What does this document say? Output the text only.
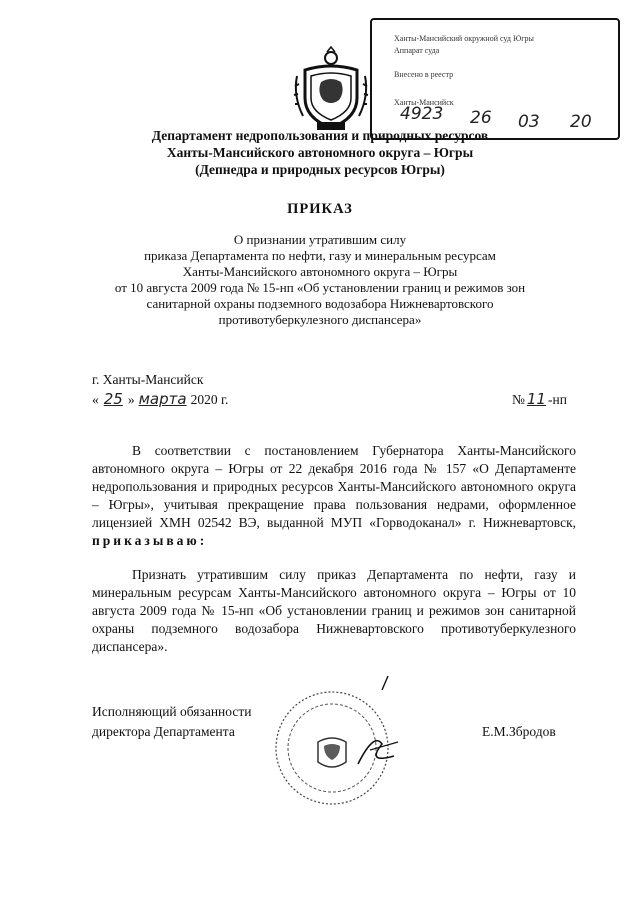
Ханты-Мансийский окружной суд Югры
Аппарат суда
Внесено в реестр
Ханты-Мансийск
4923 26 03 20
Департамент недропользования и природных ресурсов
Ханты-Мансийского автономного округа – Югры
(Депнедра и природных ресурсов Югры)
ПРИКАЗ
О признании утратившим силу
приказа Департамента по нефти, газу и минеральным ресурсам
Ханты-Мансийского автономного округа – Югры
от 10 августа 2009 года № 15-нп «Об установлении границ и режимов зон
санитарной охраны подземного водозабора Нижневартовского
противотуберкулезного диспансера»
г. Ханты-Мансийск
« 25 » марта 2020 г.	№ 11 -нп
В соответствии с постановлением Губернатора Ханты-Мансийского автономного округа – Югры от 22 декабря 2016 года № 157 «О Департаменте недропользования и природных ресурсов Ханты-Мансийского автономного округа – Югры», учитывая прекращение права пользования недрами, оформленное лицензией ХМН 02542 ВЭ, выданной МУП «Горводоканал» г. Нижневартовск, приказываю:
Признать утратившим силу приказ Департамента по нефти, газу и минеральным ресурсам Ханты-Мансийского автономного округа – Югры от 10 августа 2009 года № 15-нп «Об установлении границ и режимов зон санитарной охраны подземного водозабора Нижневартовского противотуберкулезного диспансера».
Исполняющий обязанности
директора Департамента	Е.М.Збродов
